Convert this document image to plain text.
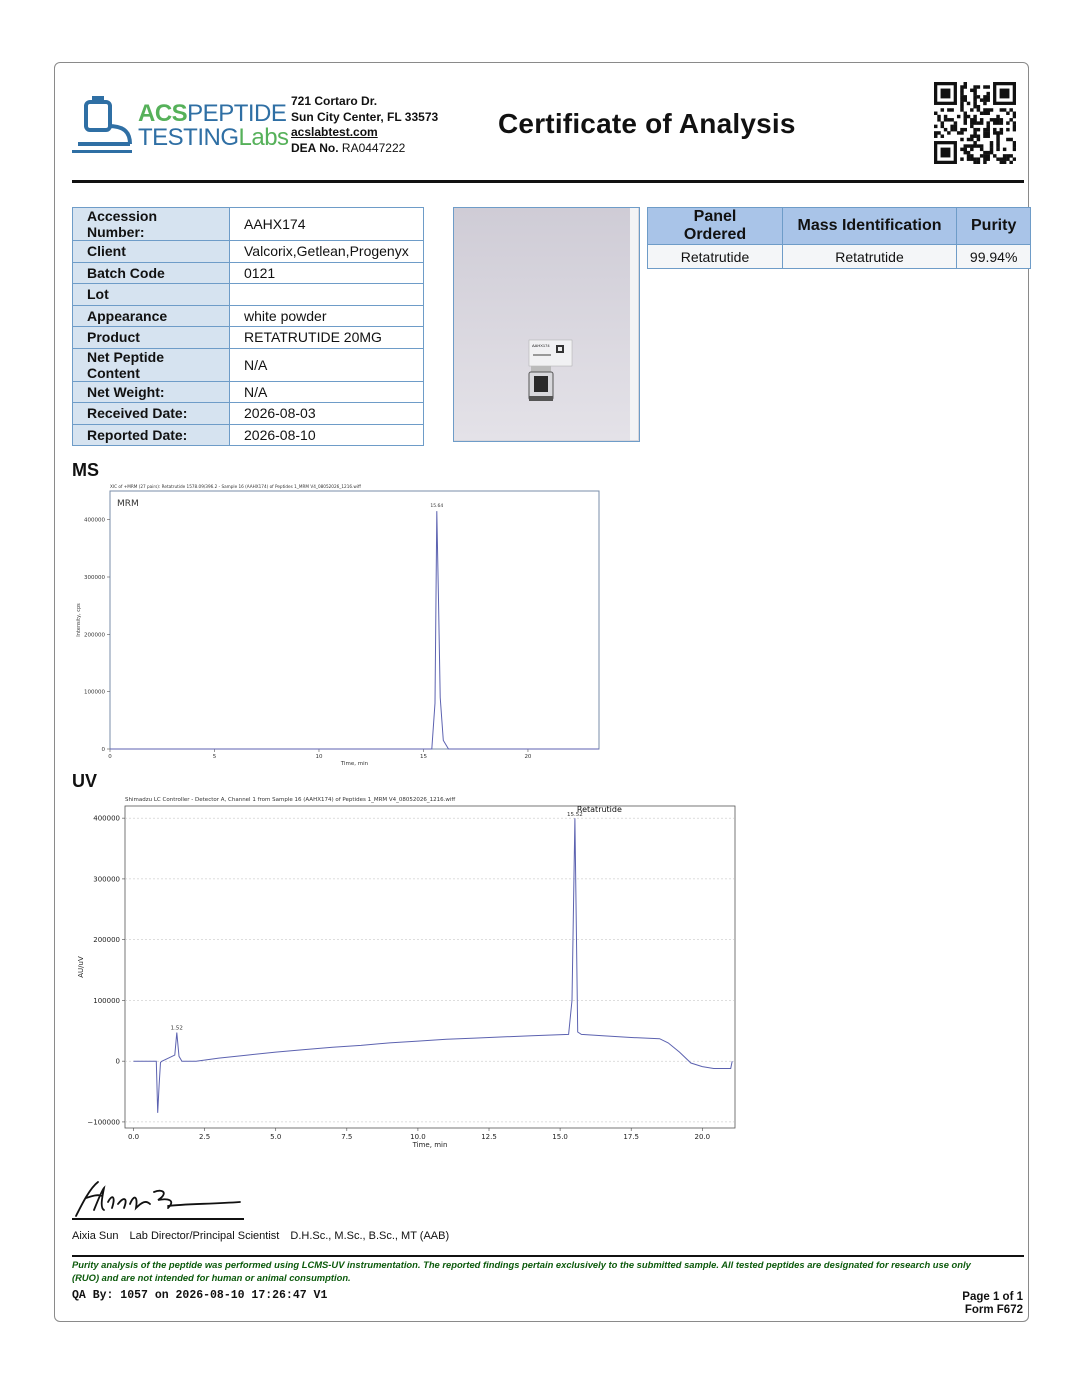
ACSPEPTIDE
TESTINGLabs
721 Cortaro Dr.
Sun City Center, FL 33573
acslabtest.com
DEA No. RA0447222
Certificate of Analysis
Accession Number:	AAHX174
Client	Valcorix,Getlean,Progenyx
Batch Code	0121
Lot	
Appearance	white powder
Product	RETATRUTIDE 20MG
Net Peptide Content	N/A
Net Weight:	N/A
Received Date:	2026-08-03
Reported Date:	2026-08-10
AAHX174
Panel Ordered	Mass Identification	Purity
Retatrutide	Retatrutide	99.94%
MS
XIC of +MRM (27 pairs): Retatrutide 1578.09/396.2 - Sample 16 (AAHX174) of Peptides 1_MRM V4_08052026_1216.wiff
MRM
0
100000
200000
300000
400000
0	5	10	15	20
Time, min
Intensity, cps
15.64
UV
Shimadzu LC Controller - Detector A, Channel 1 from Sample 16 (AAHX174) of Peptides 1_MRM V4_08052026_1216.wiff
−100000
0
100000
200000
300000
400000
0.0	2.5	5.0	7.5	10.0	12.5	15.0	17.5	20.0
Time, min
AU/uV
Retatrutide
15.52
1.52
Aixia Sun Lab Director/Principal Scientist D.H.Sc., M.Sc., B.Sc., MT (AAB)
Purity analysis of the peptide was performed using LCMS-UV instrumentation. The reported findings pertain exclusively to the submitted sample. All tested peptides are designated for research use only
(RUO) and are not intended for human or animal consumption.
QA By: 1057 on 2026-08-10 17:26:47 V1	Page 1 of 1
Form F672
